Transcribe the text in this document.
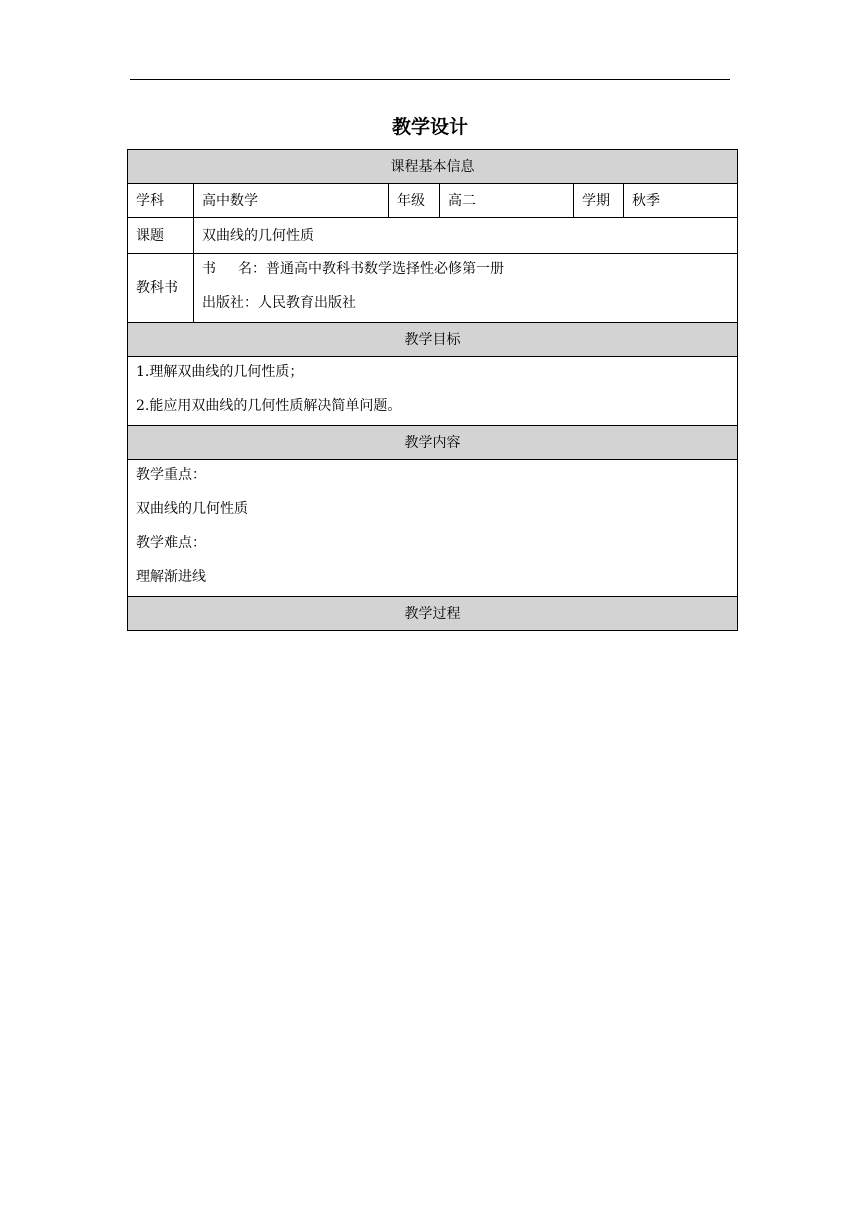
教学设计
课程基本信息					
学科	高中数学	年级	高二	学期	秋季
课题	双曲线的几何性质				
教科书	书 名：普通高中教科书数学选择性必修第一册
出版社：人民教育出版社				

教学目标					

1.理解双曲线的几何性质；
2.能应用双曲线的几何性质解决简单问题。					

教学内容					

教学重点：
双曲线的几何性质
教学难点：
理解渐进线					

教学过程					
